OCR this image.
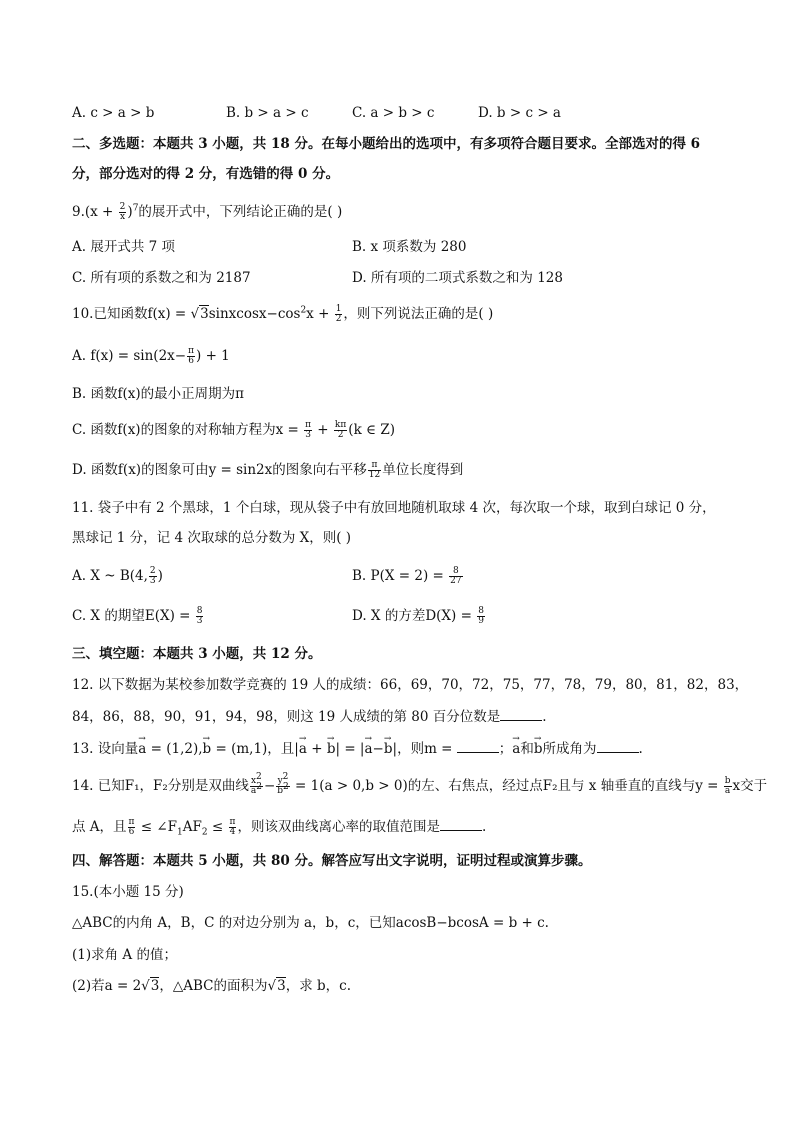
A. c > a > b	B. b > a > c	C. a > b > c	D. b > c > a
二、多选题：本题共 3 小题，共 18 分。在每小题给出的选项中，有多项符合题目要求。全部选对的得 6
分，部分选对的得 2 分，有选错的得 0 分。
$9.(x + \frac{2}{x} )^7$的展开式中，下列结论正确的是( )
A. 展开式共 7 项	B. x 项系数为 280
C. 所有项的系数之和为 2187	D. 所有项的二项式系数之和为 128
10.已知函数$f(x) = √3sinxcosx-\cos^2x + \frac{1}{2}$ ，则下列说法正确的是( )
A. $f(x) = \sin(2x- \frac{\pi}{6}$ ) + 1
B. 函数f(x)的最小正周期为π
C. 函数f(x)的图象的对称轴方程为$x = \frac{\pi}{3} + \frac{k\pi}{2} (k$ ∈ Z)
D. 函数f(x)的图象可由y = sin2x的图象向右平移 $\frac{\pi}{12}$ 单位长度得到
11. 袋子中有 2 个黑球，1 个白球，现从袋子中有放回地随机取球 4 次，每次取一个球，取到白球记 0 分，
黑球记 1 分，记 4 次取球的总分数为 X，则( )
A. X ~ B(4, $\frac{2}{3}$ )	B. $P(X = 2) = \frac{8}{27}$
C. X 的期望$E(X) = \frac{8}{3}$	D. X 的方差$D(X) = \frac{8}{9}$
三、填空题：本题共 3 小题，共 12 分。
12. 以下数据为某校参加数学竞赛的 19 人的成绩：66，69，70，72，75，77，78，79，80，81，82，83，
84，86，88，90，91，94，98，则这 19 人成绩的第 80 百分位数是	.
13. 设向量→ a = (1,2),→ b = (m,1)，且|→ a + → b| = |→ a−→ b|，则m =	；→ a和→ b所成角为	.
14. 已知F₁，F₂分别是双曲线 $\frac{x2}{a2} - \frac{y2}{b2} = 1(a > 0,b > 0)$的左、右焦点，经过点F₂且与 x 轴垂直的直线与$y = \frac{b}{a}$ x交于
点 A，且 $\frac{\pi}{6}$ ≤ $\angle F_1AF_2 \le \frac{\pi}{4}$ ，则该双曲线离心率的取值范围是	.
四、解答题：本题共 5 小题，共 80 分。解答应写出文字说明，证明过程或演算步骤。
15.(本小题 15 分)
△ABC的内角 A，B，C 的对边分别为 a，b，c，已知acosB−bcosA = b + c.
(1)求角 A 的值；
(2)若a = 2√3，△ABC的面积为√3，求 b，c.
